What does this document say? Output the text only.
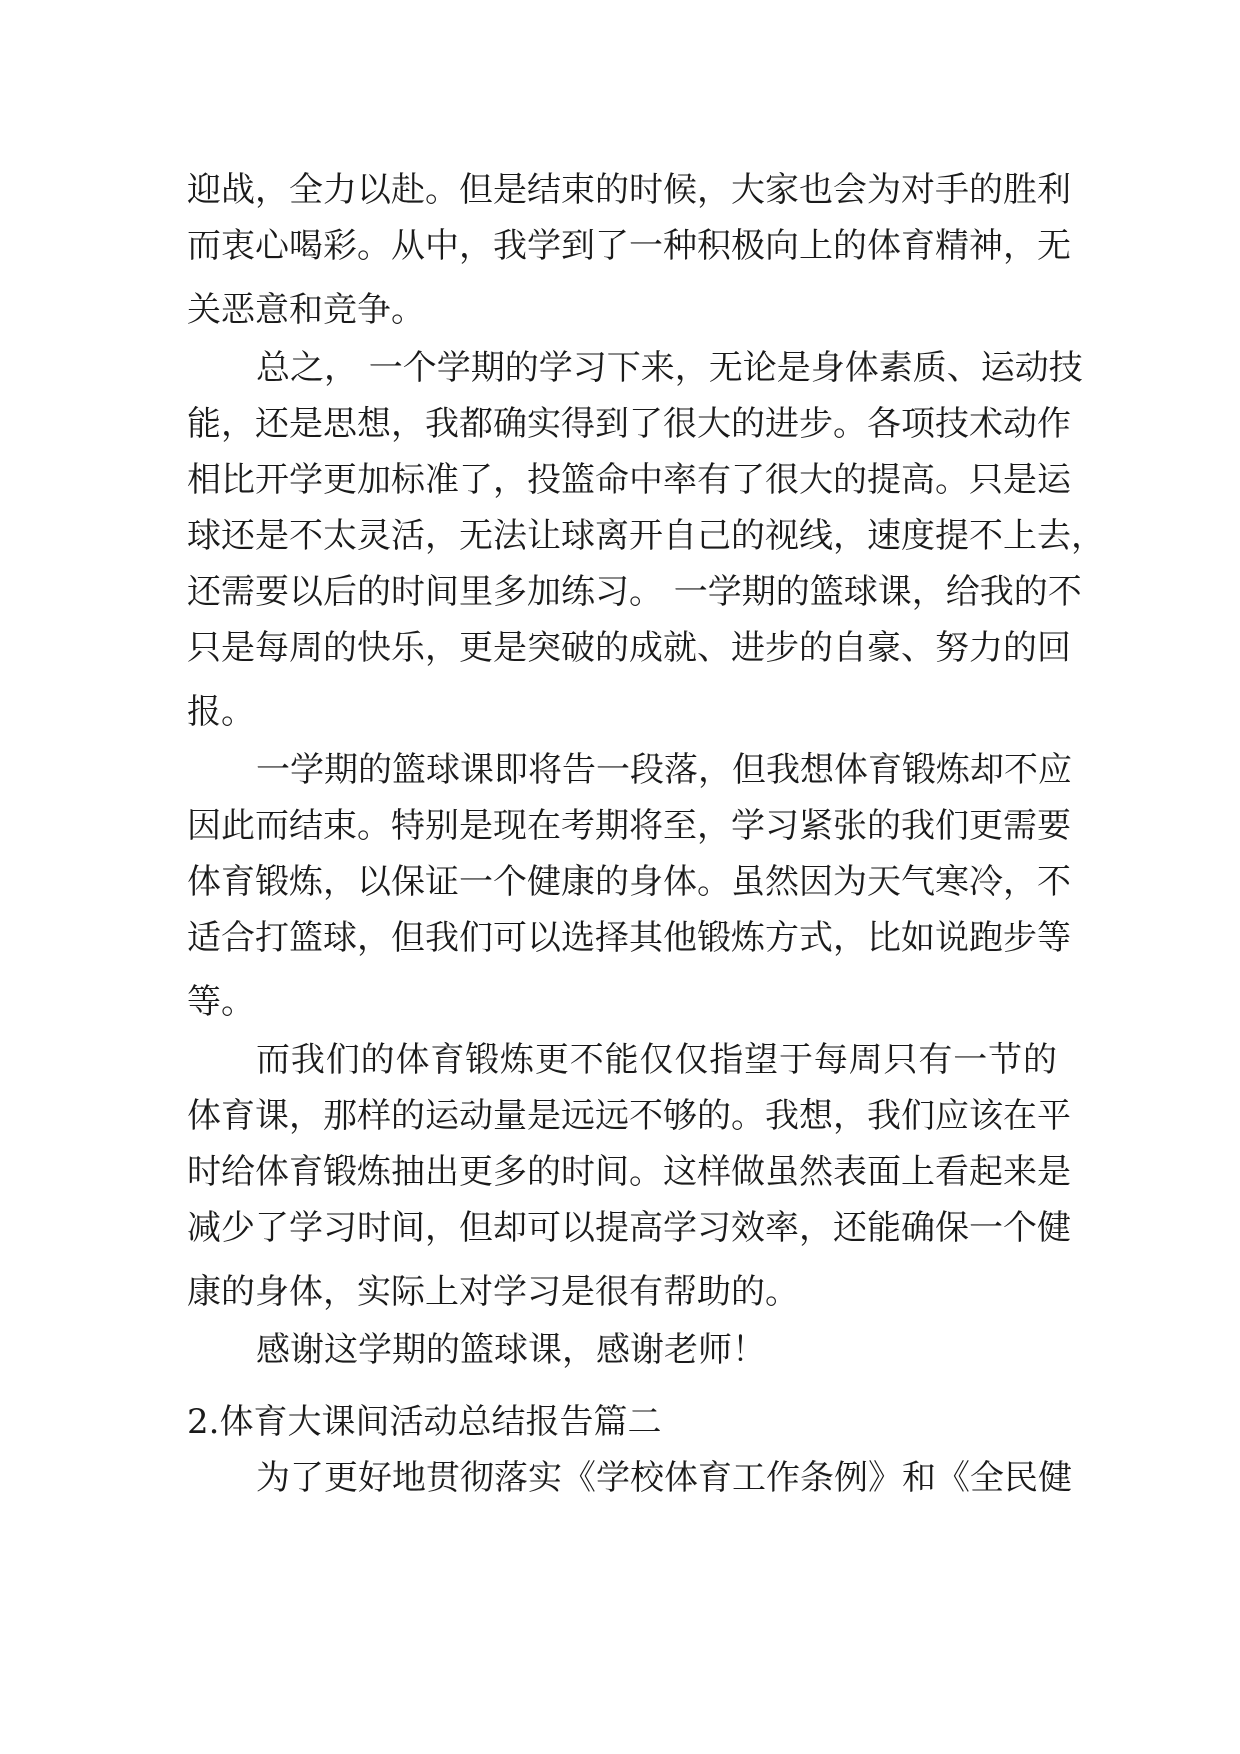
迎战，全力以赴。但是结束的时候，大家也会为对手的胜利
而衷心喝彩。从中，我学到了一种积极向上的体育精神，无
关恶意和竞争。
总之， 一个学期的学习下来，无论是身体素质、运动技
能，还是思想，我都确实得到了很大的进步。各项技术动作
相比开学更加标准了，投篮命中率有了很大的提高。只是运
球还是不太灵活，无法让球离开自己的视线，速度提不上去，
还需要以后的时间里多加练习。 一学期的篮球课，给我的不
只是每周的快乐，更是突破的成就、进步的自豪、努力的回
报。
一学期的篮球课即将告一段落，但我想体育锻炼却不应
因此而结束。特别是现在考期将至，学习紧张的我们更需要
体育锻炼，以保证一个健康的身体。虽然因为天气寒冷，不
适合打篮球，但我们可以选择其他锻炼方式，比如说跑步等
等。
而我们的体育锻炼更不能仅仅指望于每周只有一节的
体育课，那样的运动量是远远不够的。我想，我们应该在平
时给体育锻炼抽出更多的时间。这样做虽然表面上看起来是
减少了学习时间，但却可以提高学习效率，还能确保一个健
康的身体，实际上对学习是很有帮助的。
感谢这学期的篮球课，感谢老师！
2.体育大课间活动总结报告篇二
为了更好地贯彻落实《学校体育工作条例》和《全民健
